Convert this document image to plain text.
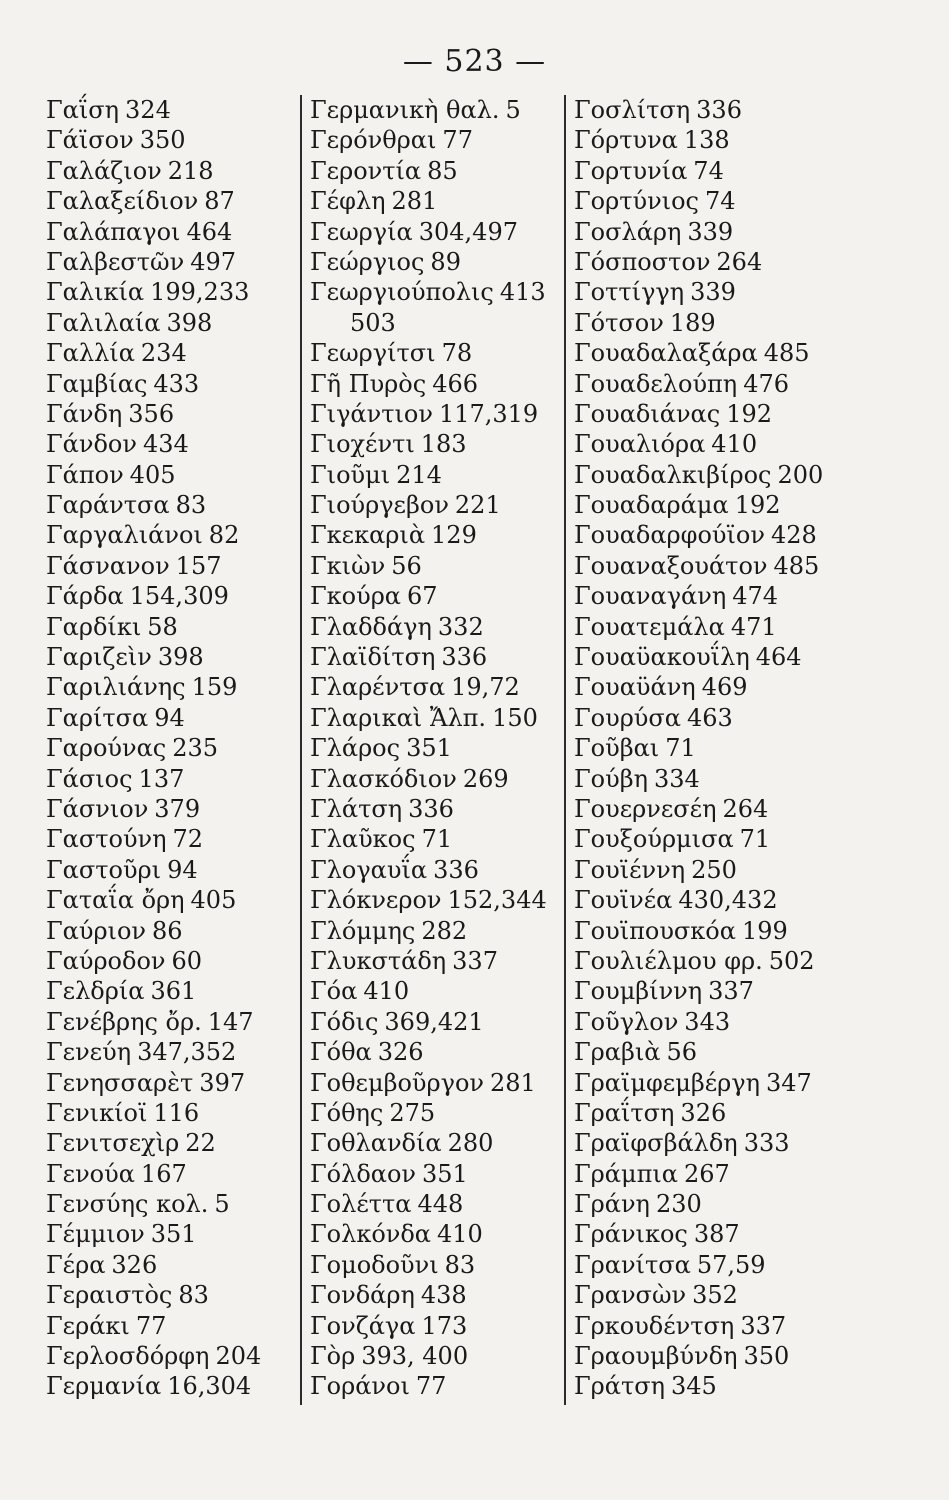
— 523 —
Γαΐση 324
Γάϊσον 350
Γαλάζιον 218
Γαλαξείδιον 87
Γαλάπαγοι 464
Γαλβεστῶν 497
Γαλικία 199,233
Γαλιλαία 398
Γαλλία 234
Γαμβίας 433
Γάνδη 356
Γάνδον 434
Γάπον 405
Γαράντσα 83
Γαργαλιάνοι 82
Γάσνανον 157
Γάρδα 154,309
Γαρδίκι 58
Γαριζεὶν 398
Γαριλιάνης 159
Γαρίτσα 94
Γαρούνας 235
Γάσιος 137
Γάσνιον 379
Γαστούνη 72
Γαστοῦρι 94
Γαταΐα ὄρη 405
Γαύριον 86
Γαύροδον 60
Γελδρία 361
Γενέβρης ὄρ. 147
Γενεύη 347,352
Γενησσαρὲτ 397
Γενικίοϊ 116
Γενιτσεχὶρ 22
Γενούα 167
Γενσύης κολ. 5
Γέμμιον 351
Γέρα 326
Γεραιστὸς 83
Γεράκι 77
Γερλοσδόρφη 204
Γερμανία 16,304
Γερμανικὴ θαλ. 5
Γερόνθραι 77
Γεροντία 85
Γέφλη 281
Γεωργία 304,497
Γεώργιος 89
Γεωργιούπολις 413
503
Γεωργίτσι 78
Γῆ Πυρὸς 466
Γιγάντιον 117,319
Γιοχέντι 183
Γιοῦμι 214
Γιούργεβον 221
Γκεκαριὰ 129
Γκιὼν 56
Γκούρα 67
Γλαδδάγη 332
Γλαϊδίτση 336
Γλαρέντσα 19,72
Γλαρικαὶ Ἄλπ. 150
Γλάρος 351
Γλασκόδιον 269
Γλάτση 336
Γλαῦκος 71
Γλογαυΐα 336
Γλόκνερον 152,344
Γλόμμης 282
Γλυκστάδη 337
Γόα 410
Γόδις 369,421
Γόθα 326
Γοθεμβοῦργον 281
Γόθης 275
Γοθλανδία 280
Γόλδαον 351
Γολέττα 448
Γολκόνδα 410
Γομοδοῦνι 83
Γονδάρη 438
Γονζάγα 173
Γὸρ 393, 400
Γοράνοι 77
Γοσλίτση 336
Γόρτυνα 138
Γορτυνία 74
Γορτύνιος 74
Γοσλάρη 339
Γόσποστον 264
Γοττίγγη 339
Γότσον 189
Γουαδαλαξάρα 485
Γουαδελούπη 476
Γουαδιάνας 192
Γουαλιόρα 410
Γουαδαλκιβίρος 200
Γουαδαράμα 192
Γουαδαρφούϊον 428
Γουαναξουάτον 485
Γουαναγάνη 474
Γουατεμάλα 471
Γουαϋακουΐλη 464
Γουαϋάνη 469
Γουρύσα 463
Γοῦβαι 71
Γούβη 334
Γουερνεσέη 264
Γουξούρμισα 71
Γουϊέννη 250
Γουϊνέα 430,432
Γουϊπουσκόα 199
Γουλιέλμου φρ. 502
Γουμβίννη 337
Γοῦγλον 343
Γραβιὰ 56
Γραϊμφεμβέργη 347
Γραΐτση 326
Γραϊφσβάλδη 333
Γράμπια 267
Γράνη 230
Γράνικος 387
Γρανίτσα 57,59
Γρανσὼν 352
Γρκουδέντση 337
Γραουμβύνδη 350
Γράτση 345
